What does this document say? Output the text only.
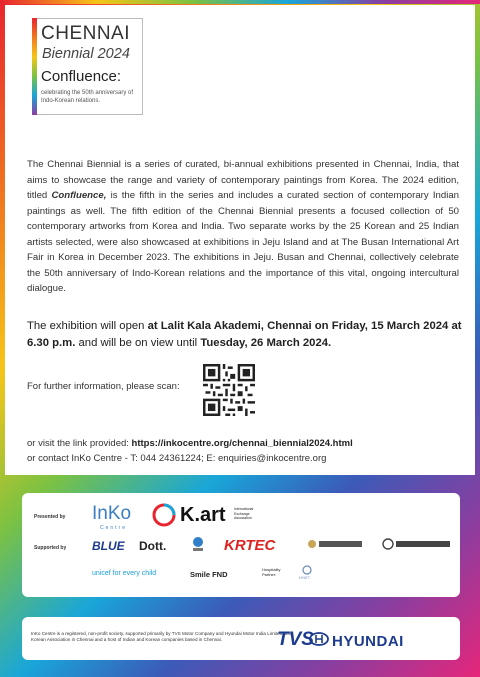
CHENNAI
Biennial 2024
Confluence:
celebrating the 50th anniversary of Indo-Korean relations.

The Chennai Biennial is a series of curated, bi-annual exhibitions presented in Chennai, India, that aims to showcase the range and variety of contemporary paintings from Korea. The 2024 edition, titled Confluence, is the fifth in the series and includes a curated section of contemporary Indian paintings as well. The fifth edition of the Chennai Biennial presents a focused collection of 50 contemporary artworks from Korea and India. Two separate works by the 25 Korean and 25 Indian artists selected, were also showcased at exhibitions in Jeju Island and at The Busan International Art Fair in Korea in December 2023. The exhibitions in Jeju. Busan and Chennai, collectively celebrate the 50th anniversary of Indo-Korean relations and the importance of this vital, ongoing intercultural dialogue.

The exhibition will open at Lalit Kala Akademi, Chennai on Friday, 15 March 2024 at 6.30 p.m. and will be on view until Tuesday, 26 March 2024.

For further information, please scan:
or visit the link provided: https://inkocentre.org/chennai_biennial2024.html
or contact InKo Centre - T: 044 24361224; E: enquiries@inkocentre.org
Presented by InKo
Centre
K.art International Exchange Association
Supported by BLUE Dott.	KRTEC
unicef for every child	Smile FND
Hospitality Partner:
HYATT
InKo Centre is a registered, non-profit society, supported primarily by TVS Motor Company and Hyundai Motor India Limited; the Korean Association in Chennai and a host of Indian and Korean companies based in Chennai.	TVS HYUNDAI
